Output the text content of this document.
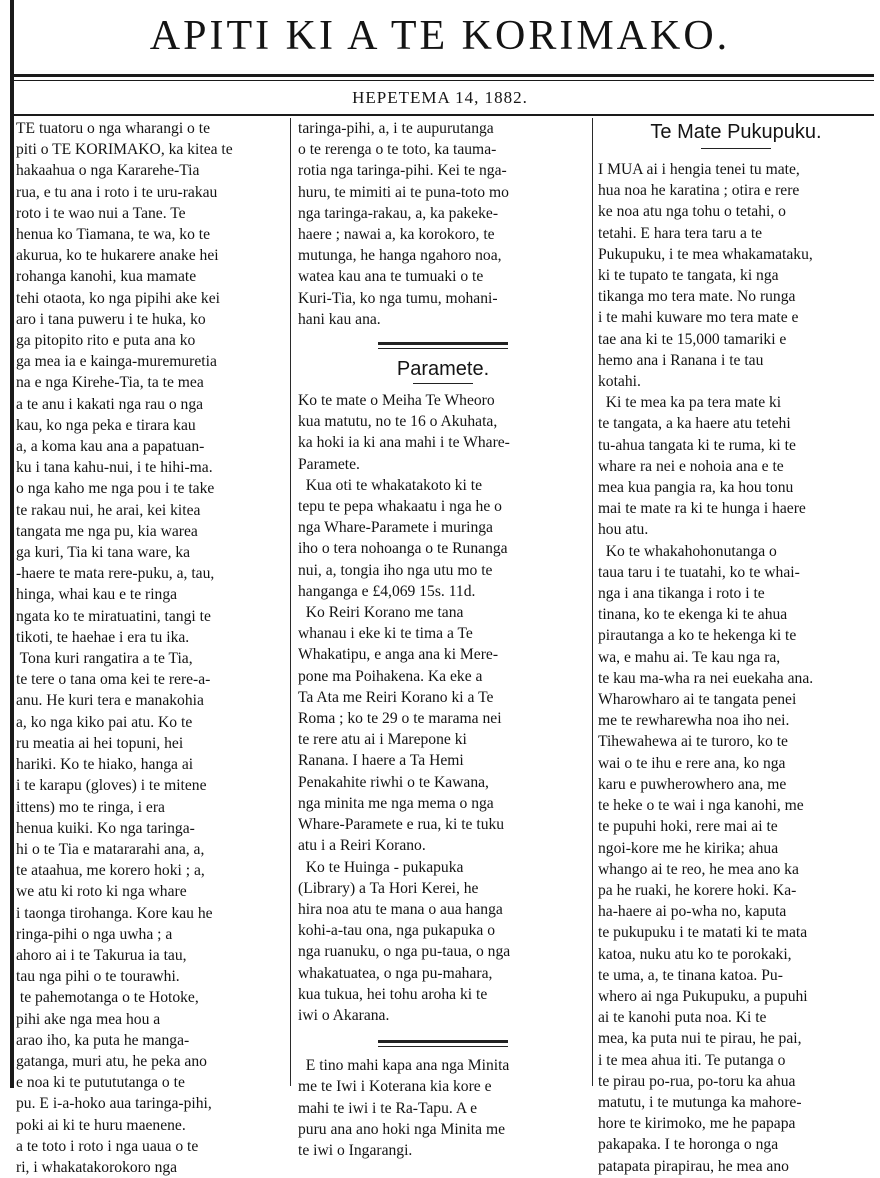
APITI KI A TE KORIMAKO.
HEPETEMA 14, 1882.

TE tuatoru o nga wharangi o te

piti o TE KORIMAKO, ka kitea te

hakaahua o nga Kararehe-Tia

rua, e tu ana i roto i te uru-rakau

roto i te wao nui a Tane. Te

henua ko Tiamana, te wa, ko te

akurua, ko te hukarere anake hei

rohanga kanohi, kua mamate

tehi otaota, ko nga pipihi ake kei

aro i tana puweru i te huka, ko

ga pitopito rito e puta ana ko

ga mea ia e kainga-muremuretia

na e nga Kirehe-Tia, ta te mea

a te anu i kakati nga rau o nga

kau, ko nga peka e tirara kau

a, a koma kau ana a papatuan-

ku i tana kahu-nui, i te hihi-ma.

o nga kaho me nga pou i te take

te rakau nui, he arai, kei kitea

tangata me nga pu, kia warea

ga kuri, Tia ki tana ware, ka

-haere te mata rere-puku, a, tau,

hinga, whai kau e te ringa

ngata ko te miratuatini, tangi te

tikoti, te haehae i era tu ika.

Tona kuri rangatira a te Tia,

te tere o tana oma kei te rere-a-

anu. He kuri tera e manakohia

a, ko nga kiko pai atu. Ko te

ru meatia ai hei topuni, hei

hariki. Ko te hiako, hanga ai

i te karapu (gloves) i te mitene

ittens) mo te ringa, i era

henua kuiki. Ko nga taringa-

hi o te Tia e matararahi ana, a,

te ataahua, me korero hoki ; a,

we atu ki roto ki nga whare

i taonga tirohanga. Kore kau he

ringa-pihi o nga uwha ; a

ahoro ai i te Takurua ia tau,

tau nga pihi o te tourawhi.

te pahemotanga o te Hotoke,

pihi ake nga mea hou a

arao iho, ka puta he manga-

gatanga, muri atu, he peka ano

e noa ki te putututanga o te

pu. E i-a-hoko aua taringa-pihi,

poki ai ki te huru maenene.

a te toto i roto i nga uaua o te

ri, i whakatakorokoro nga

taringa-pihi, a, i te aupurutanga

o te rerenga o te toto, ka tauma-

rotia nga taringa-pihi. Kei te nga-

huru, te mimiti ai te puna-toto mo

nga taringa-rakau, a, ka pakeke-

haere ; nawai a, ka korokoro, te

mutunga, he hanga ngahoro noa,

watea kau ana te tumuaki o te

Kuri-Tia, ko nga tumu, mohani-

hani kau ana.

Paramete.

Ko te mate o Meiha Te Wheoro

kua matutu, no te 16 o Akuhata,

ka hoki ia ki ana mahi i te Whare-

Paramete.

Kua oti te whakatakoto ki te

tepu te pepa whakaatu i nga he o

nga Whare-Paramete i muringa

iho o tera nohoanga o te Runanga

nui, a, tongia iho nga utu mo te

hanganga e £4,069 15s. 11d.

Ko Reiri Korano me tana

whanau i eke ki te tima a Te

Whakatipu, e anga ana ki Mere-

pone ma Poihakena. Ka eke a

Ta Ata me Reiri Korano ki a Te

Roma ; ko te 29 o te marama nei

te rere atu ai i Marepone ki

Ranana. I haere a Ta Hemi

Penakahite riwhi o te Kawana,

nga minita me nga mema o nga

Whare-Paramete e rua, ki te tuku

atu i a Reiri Korano.

Ko te Huinga - pukapuka

(Library) a Ta Hori Kerei, he

hira noa atu te mana o aua hanga

kohi-a-tau ona, nga pukapuka o

nga ruanuku, o nga pu-taua, o nga

whakatuatea, o nga pu-mahara,

kua tukua, hei tohu aroha ki te

iwi o Akarana.

E tino mahi kapa ana nga Minita

me te Iwi i Koterana kia kore e

mahi te iwi i te Ra-Tapu. A e

puru ana ano hoki nga Minita me

te iwi o Ingarangi.

Te Mate Pukupuku.

I MUA ai i hengia tenei tu mate,

hua noa he karatina ; otira e rere

ke noa atu nga tohu o tetahi, o

tetahi. E hara tera taru a te

Pukupuku, i te mea whakamataku,

ki te tupato te tangata, ki nga

tikanga mo tera mate. No runga

i te mahi kuware mo tera mate e

tae ana ki te 15,000 tamariki e

hemo ana i Ranana i te tau

kotahi.

Ki te mea ka pa tera mate ki

te tangata, a ka haere atu tetehi

tu-ahua tangata ki te ruma, ki te

whare ra nei e nohoia ana e te

mea kua pangia ra, ka hou tonu

mai te mate ra ki te hunga i haere

hou atu.

Ko te whakahohonutanga o

taua taru i te tuatahi, ko te whai-

nga i ana tikanga i roto i te

tinana, ko te ekenga ki te ahua

pirautanga a ko te hekenga ki te

wa, e mahu ai. Te kau nga ra,

te kau ma-wha ra nei euekaha ana.

Wharowharo ai te tangata penei

me te rewharewha noa iho nei.

Tihewahewa ai te turoro, ko te

wai o te ihu e rere ana, ko nga

karu e puwherowhero ana, me

te heke o te wai i nga kanohi, me

te pupuhi hoki, rere mai ai te

ngoi-kore me he kirika; ahua

whango ai te reo, he mea ano ka

pa he ruaki, he korere hoki. Ka-

ha-haere ai po-wha no, kaputa

te pukupuku i te matati ki te mata

katoa, nuku atu ko te porokaki,

te uma, a, te tinana katoa. Pu-

whero ai nga Pukupuku, a pupuhi

ai te kanohi puta noa. Ki te

mea, ka puta nui te pirau, he pai,

i te mea ahua iti. Te putanga o

te pirau po-rua, po-toru ka ahua

matutu, i te mutunga ka mahore-

hore te kirimoko, me he papapa

pakapaka. I te horonga o nga

patapata pirapirau, he mea ano
